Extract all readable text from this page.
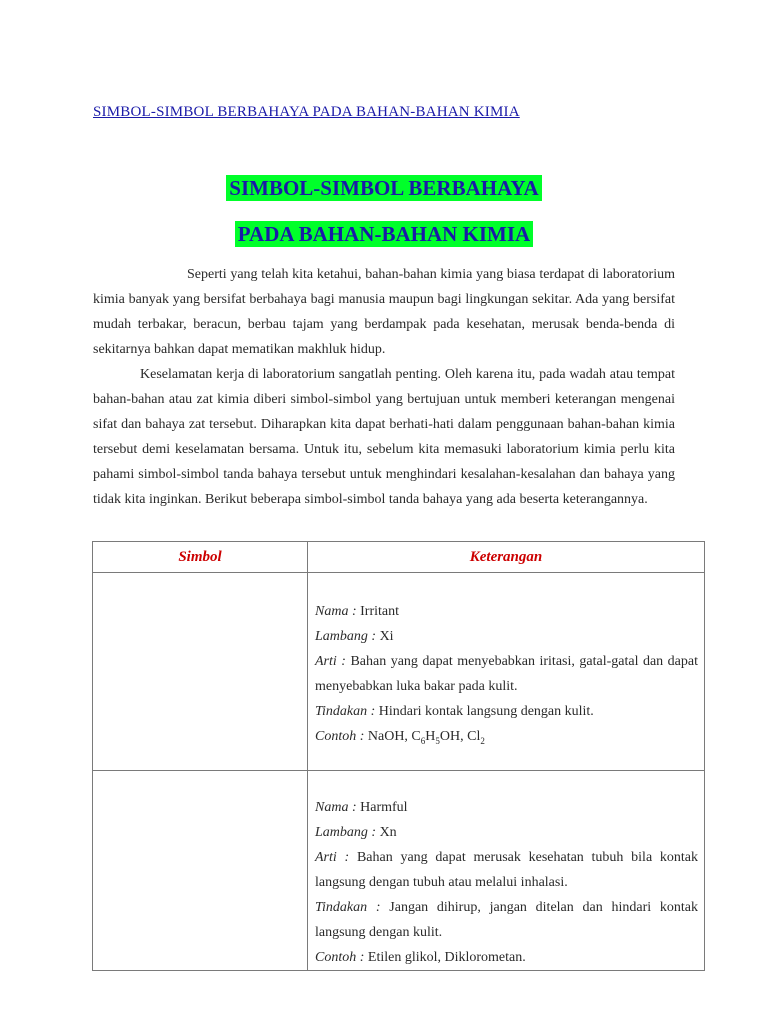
SIMBOL-SIMBOL BERBAHAYA PADA BAHAN-BAHAN KIMIA
SIMBOL-SIMBOL BERBAHAYA
PADA BAHAN-BAHAN KIMIA

Seperti yang telah kita ketahui, bahan-bahan kimia yang biasa terdapat di laboratorium kimia banyak yang bersifat berbahaya bagi manusia maupun bagi lingkungan sekitar. Ada yang bersifat mudah terbakar, beracun, berbau tajam yang berdampak pada kesehatan, merusak benda-benda di sekitarnya bahkan dapat mematikan makhluk hidup.

Keselamatan kerja di laboratorium sangatlah penting. Oleh karena itu, pada wadah atau tempat bahan-bahan atau zat kimia diberi simbol-simbol yang bertujuan untuk memberi keterangan mengenai sifat dan bahaya zat tersebut. Diharapkan kita dapat berhati-hati dalam penggunaan bahan-bahan kimia tersebut demi keselamatan bersama. Untuk itu, sebelum kita memasuki laboratorium kimia perlu kita pahami simbol-simbol tanda bahaya tersebut untuk menghindari kesalahan-kesalahan dan bahaya yang tidak kita inginkan. Berikut beberapa simbol-simbol tanda bahaya yang ada beserta keterangannya.

Simbol	Keterangan

	Nama : Irritant
Lambang : Xi
Arti : Bahan yang dapat menyebabkan iritasi, gatal-gatal dan dapat menyebabkan luka bakar pada kulit.
Tindakan : Hindari kontak langsung dengan kulit.
Contoh : NaOH, $C_6H_5OH$, $Cl_2$

	Nama : Harmful
Lambang : Xn
Arti : Bahan yang dapat merusak kesehatan tubuh bila kontak langsung dengan tubuh atau melalui inhalasi.
Tindakan : Jangan dihirup, jangan ditelan dan hindari kontak langsung dengan kulit.
Contoh : Etilen glikol, Diklorometan.
